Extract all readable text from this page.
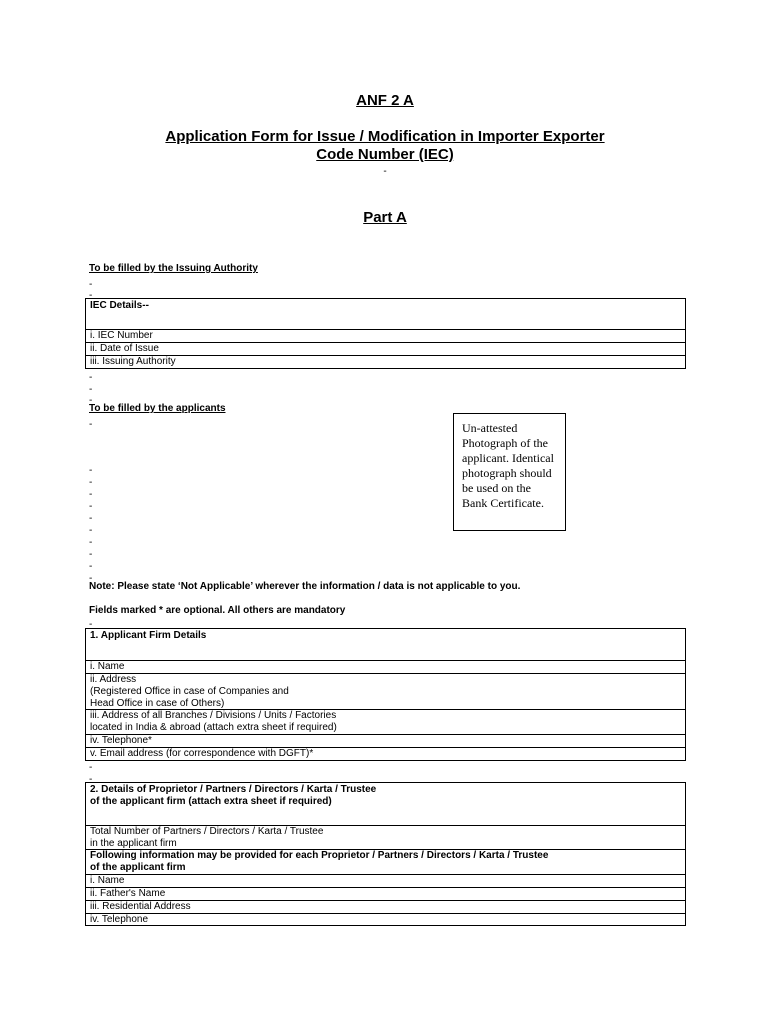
ANF 2 A
Application Form for Issue / Modification in Importer Exporter
Code Number (IEC)
-
Part A
To be filled by the Issuing Authority
-
-
IEC Details--
i. IEC Number
ii. Date of Issue
iii. Issuing Authority
-
-
-
To be filled by the applicants
-	Un-attested Photograph of the applicant. Identical photograph should be used on the Bank Certificate.
-
-
-
-
-
-
-
-
-
-
Note: Please state ‘Not Applicable’ wherever the information / data is not applicable to you.
Fields marked * are optional. All others are mandatory
-
1. Applicant Firm Details
i. Name
ii. Address
(Registered Office in case of Companies and
Head Office in case of Others)
iii. Address of all Branches / Divisions / Units / Factories
located in India & abroad (attach extra sheet if required)
iv. Telephone*
v. Email address (for correspondence with DGFT)*
-
-
2. Details of Proprietor / Partners / Directors / Karta / Trustee
of the applicant firm (attach extra sheet if required)
Total Number of Partners / Directors / Karta / Trustee
in the applicant firm
Following information may be provided for each Proprietor / Partners / Directors / Karta / Trustee
of the applicant firm
i. Name
ii. Father's Name
iii. Residential Address
iv. Telephone
